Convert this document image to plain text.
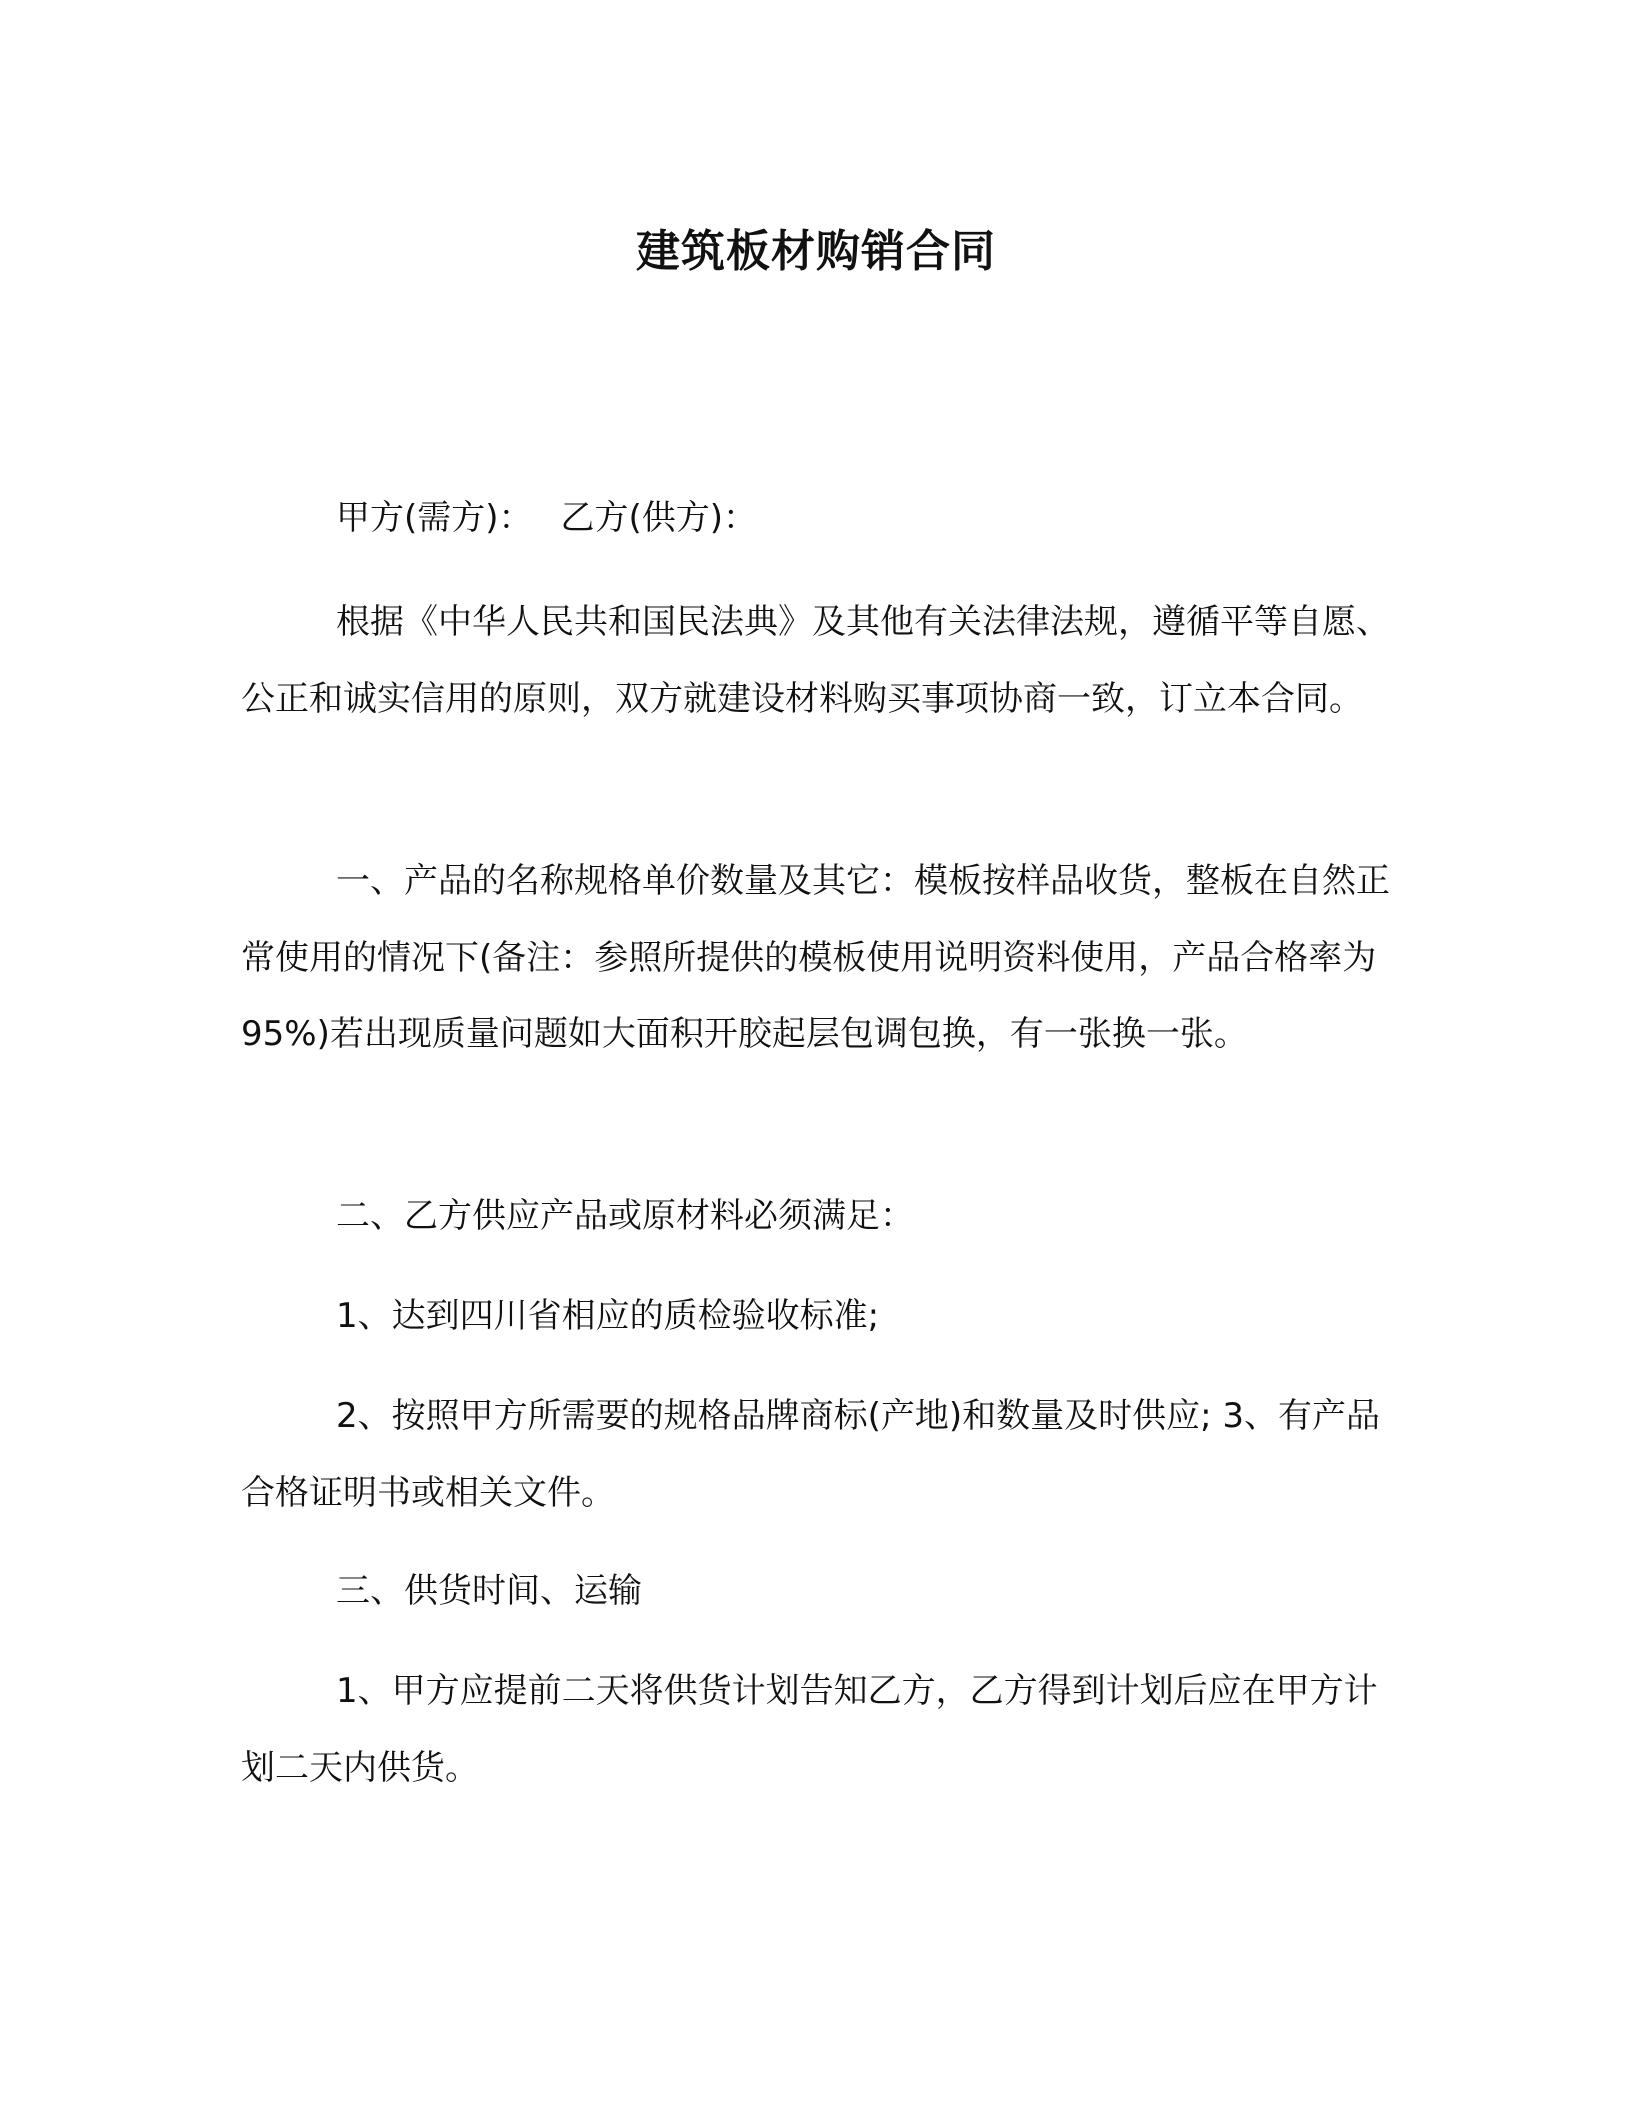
建筑板材购销合同
甲方(需方)： 乙方(供方)：

根据《中华人民共和国民法典》及其他有关法律法规，遵循平等自愿、公正和诚实信用的原则，双方就建设材料购买事项协商一致，订立本合同。

一、产品的名称规格单价数量及其它：模板按样品收货，整板在自然正常使用的情况下(备注：参照所提供的模板使用说明资料使用，产品合格率为 95%)若出现质量问题如大面积开胶起层包调包换，有一张换一张。

二、乙方供应产品或原材料必须满足：

1、达到四川省相应的质检验收标准;

2、按照甲方所需要的规格品牌商标(产地)和数量及时供应; 3、有产品合格证明书或相关文件。

三、供货时间、运输

1、甲方应提前二天将供货计划告知乙方，乙方得到计划后应在甲方计划二天内供货。
